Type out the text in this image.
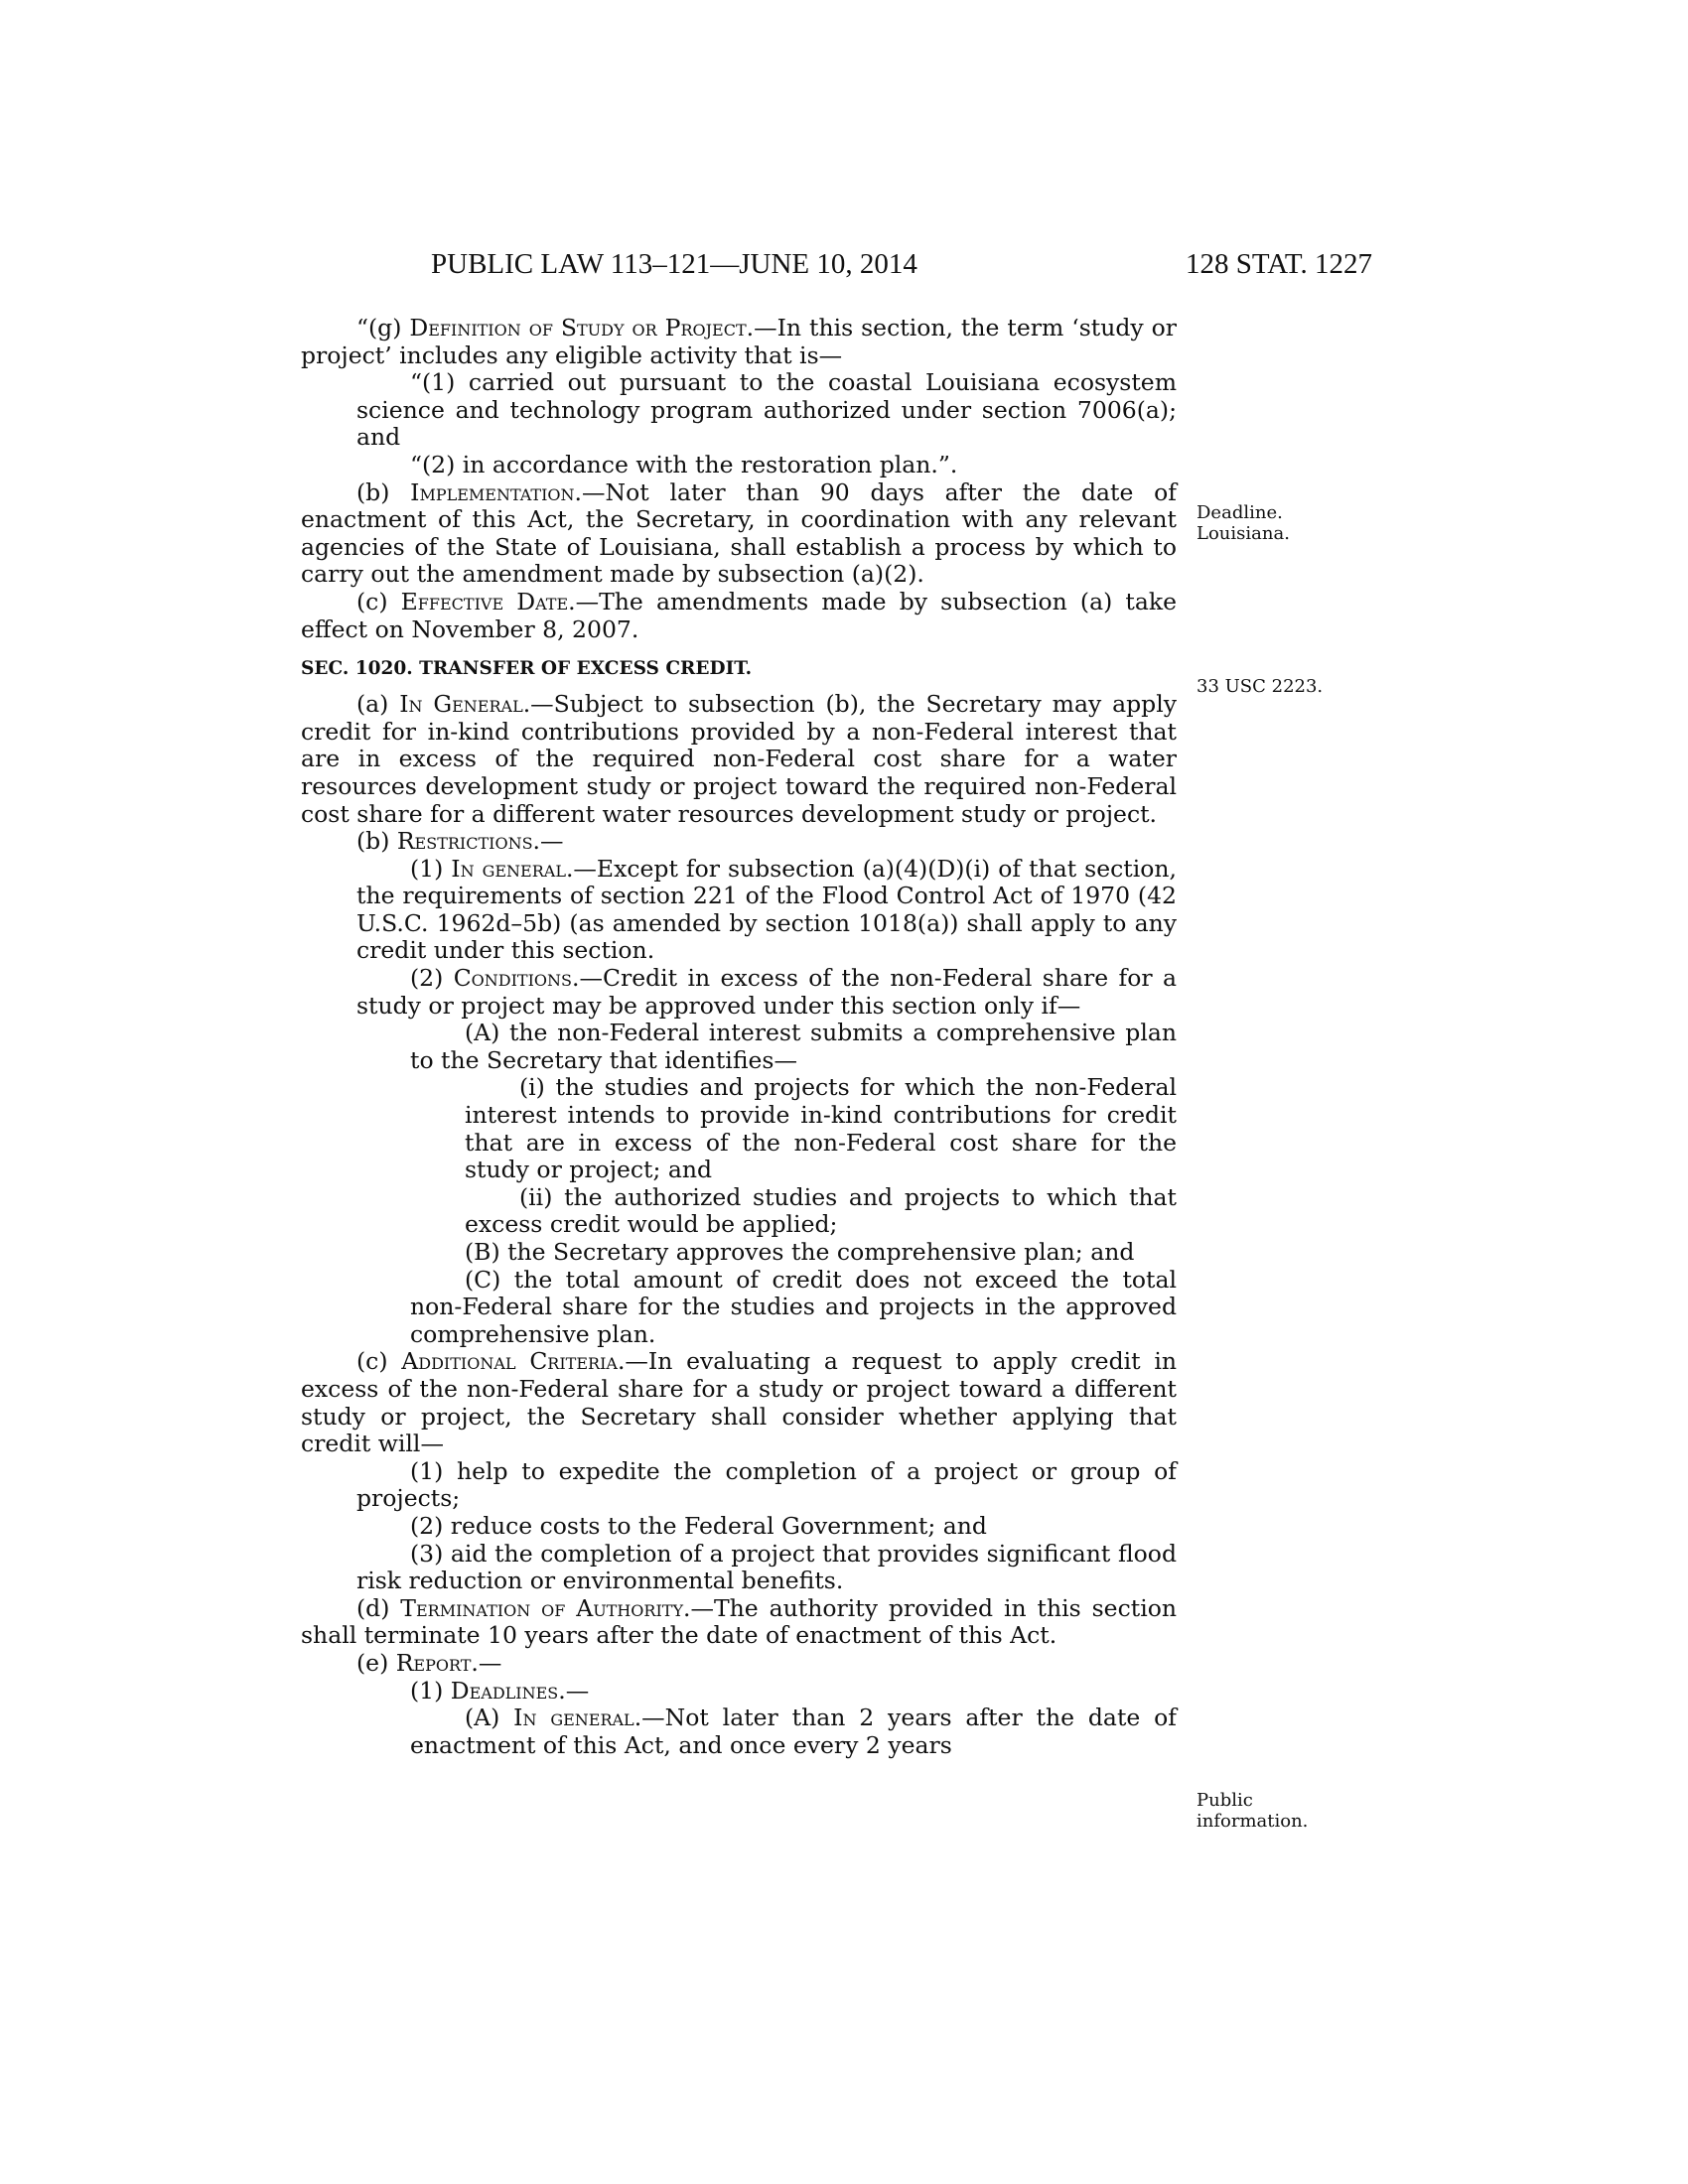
PUBLIC LAW 113–121—JUNE 10, 2014	128 STAT. 1227
Deadline.
Louisiana.
33 USC 2223.
Public
information.

“(g) Definition of Study or Project.—In this section, the term ‘study or project’ includes any eligible activity that is—

“(1) carried out pursuant to the coastal Louisiana ecosystem science and technology program authorized under section 7006(a); and

“(2) in accordance with the restoration plan.”.

(b) Implementation.—Not later than 90 days after the date of enactment of this Act, the Secretary, in coordination with any relevant agencies of the State of Louisiana, shall establish a process by which to carry out the amendment made by subsection (a)(2).

(c) Effective Date.—The amendments made by subsection (a) take effect on November 8, 2007.

SEC. 1020. TRANSFER OF EXCESS CREDIT.

(a) In General.—Subject to subsection (b), the Secretary may apply credit for in-kind contributions provided by a non-Federal interest that are in excess of the required non-Federal cost share for a water resources development study or project toward the required non-Federal cost share for a different water resources development study or project.

(b) Restrictions.—

(1) In general.—Except for subsection (a)(4)(D)(i) of that section, the requirements of section 221 of the Flood Control Act of 1970 (42 U.S.C. 1962d–5b) (as amended by section 1018(a)) shall apply to any credit under this section.

(2) Conditions.—Credit in excess of the non-Federal share for a study or project may be approved under this section only if—

(A) the non-Federal interest submits a comprehensive plan to the Secretary that identifies—

(i) the studies and projects for which the non-Federal interest intends to provide in-kind contributions for credit that are in excess of the non-Federal cost share for the study or project; and

(ii) the authorized studies and projects to which that excess credit would be applied;

(B) the Secretary approves the comprehensive plan; and

(C) the total amount of credit does not exceed the total non-Federal share for the studies and projects in the approved comprehensive plan.

(c) Additional Criteria.—In evaluating a request to apply credit in excess of the non-Federal share for a study or project toward a different study or project, the Secretary shall consider whether applying that credit will—

(1) help to expedite the completion of a project or group of projects;

(2) reduce costs to the Federal Government; and

(3) aid the completion of a project that provides significant flood risk reduction or environmental benefits.

(d) Termination of Authority.—The authority provided in this section shall terminate 10 years after the date of enactment of this Act.

(e) Report.—

(1) Deadlines.—

(A) In general.—Not later than 2 years after the date of enactment of this Act, and once every 2 years
